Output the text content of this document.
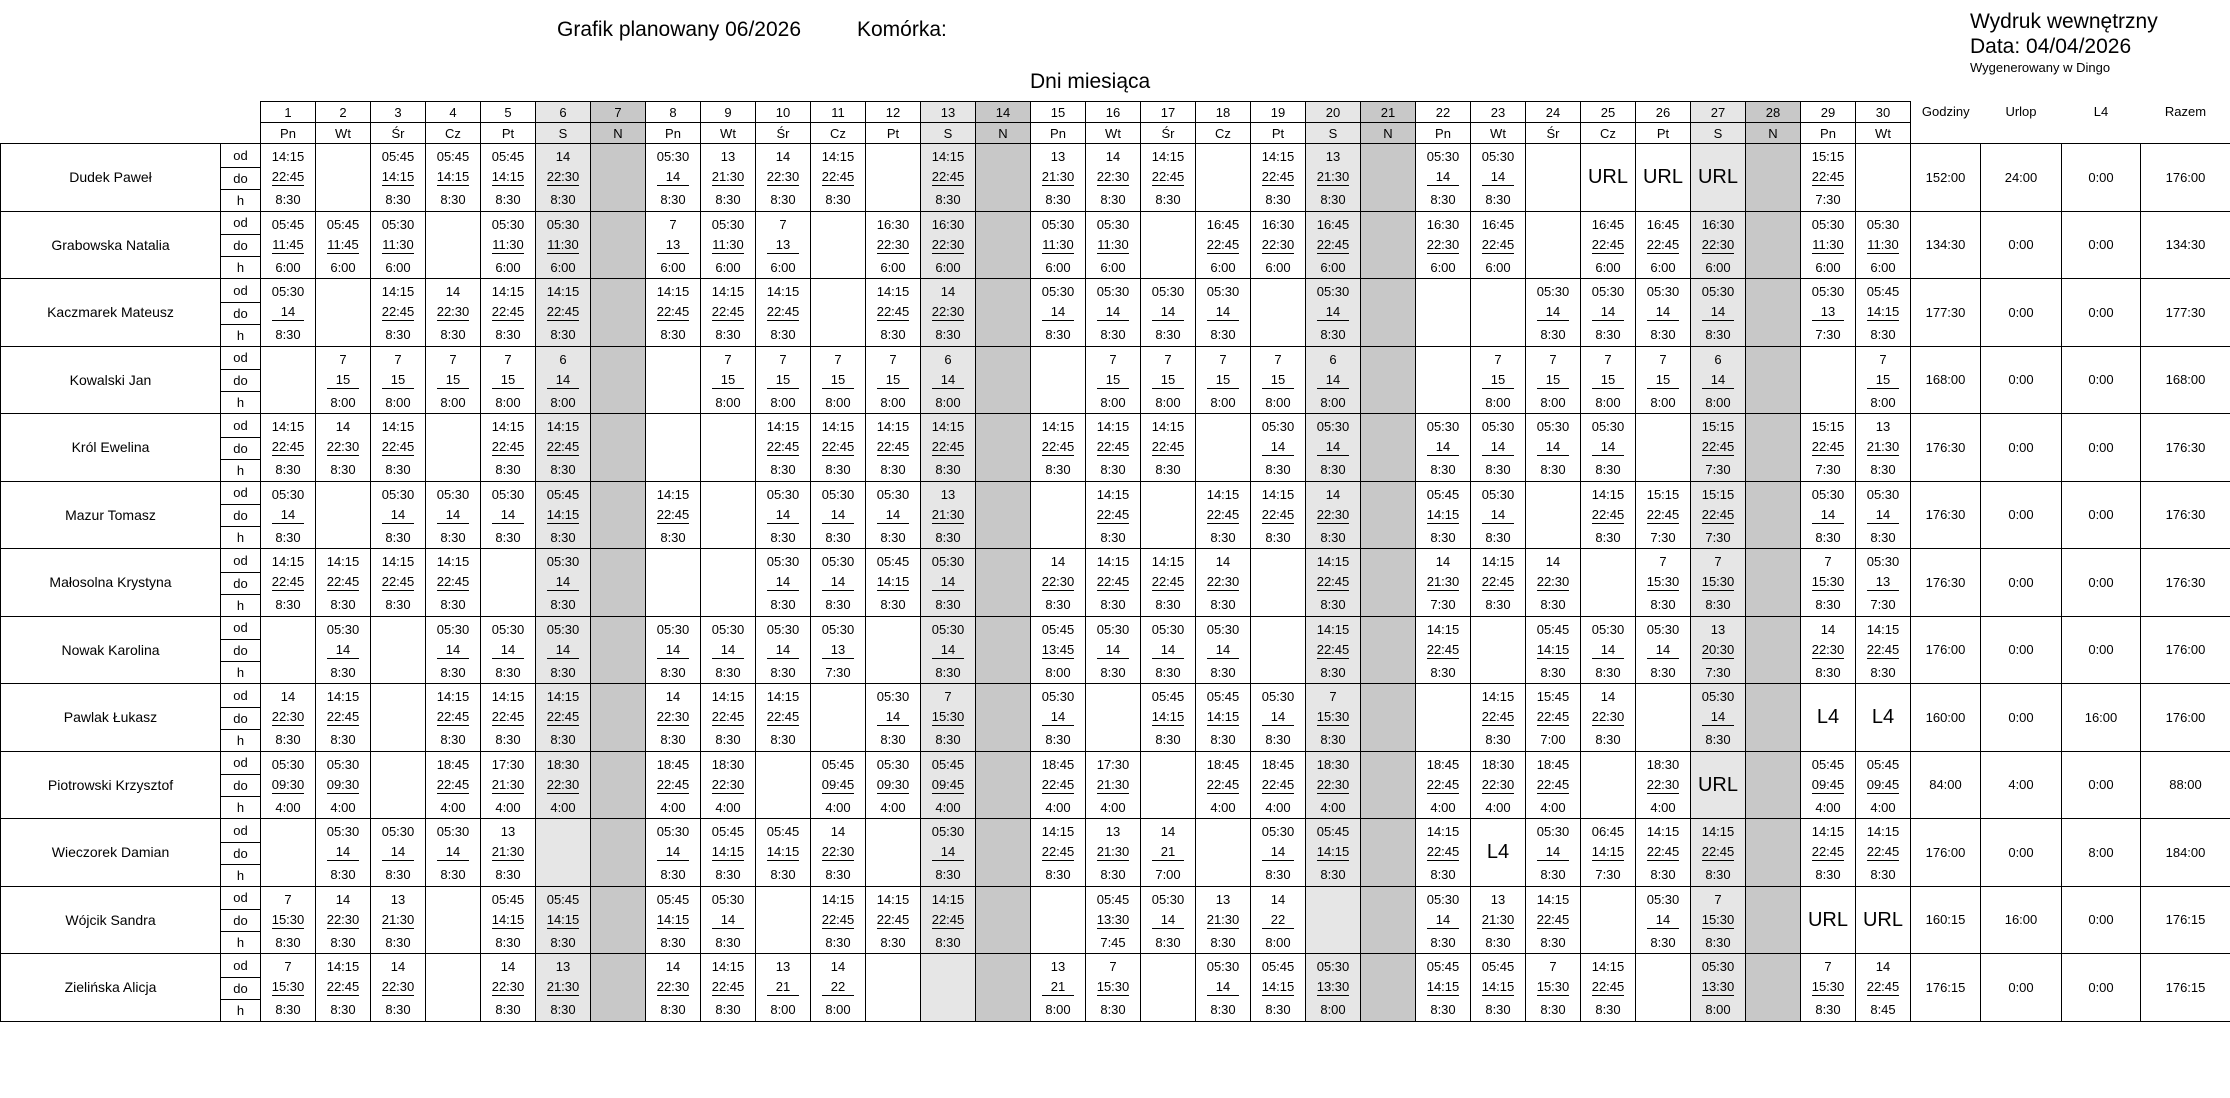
Grafik planowany 06/2026	Komórka:	Wydruk wewnętrzny
Data: 04/04/2026
Wygenerowany w Dingo
Dni miesiąca
		1	2	3	4	5	6	7	8	9	10	11	12	13	14	15	16	17	18	19	20	21	22	23	24	25	26	27	28	29	30	Godziny	Urlop	L4	Razem
		Pn	Wt	Śr	Cz	Pt	S	N	Pn	Wt	Śr	Cz	Pt	S	N	Pn	Wt	Śr	Cz	Pt	S	N	Pn	Wt	Śr	Cz	Pt	S	N	Pn	Wt				
Dudek Paweł	od	14:15		05:45	05:45	05:45	14		05:30	13	14	14:15		14:15		13	14	14:15		14:15	13		05:30	05:30		URL	URL	URL		15:15		152:00	24:00	0:00	176:00
	do	22:45		14:15	14:15	14:15	22:30		14	21:30	22:30	22:45		22:45		21:30	22:30	22:45		22:45	21:30		14	14						22:45					
	h	8:30		8:30	8:30	8:30	8:30		8:30	8:30	8:30	8:30		8:30		8:30	8:30	8:30		8:30	8:30		8:30	8:30						7:30					
Grabowska Natalia	od	05:45	05:45	05:30		05:30	05:30		7	05:30	7		16:30	16:30		05:30	05:30		16:45	16:30	16:45		16:30	16:45		16:45	16:45	16:30		05:30	05:30	134:30	0:00	0:00	134:30
	do	11:45	11:45	11:30		11:30	11:30		13	11:30	13		22:30	22:30		11:30	11:30		22:45	22:30	22:45		22:30	22:45		22:45	22:45	22:30		11:30	11:30				
	h	6:00	6:00	6:00		6:00	6:00		6:00	6:00	6:00		6:00	6:00		6:00	6:00		6:00	6:00	6:00		6:00	6:00		6:00	6:00	6:00		6:00	6:00				
Kaczmarek Mateusz	od	05:30		14:15	14	14:15	14:15		14:15	14:15	14:15		14:15	14		05:30	05:30	05:30	05:30		05:30				05:30	05:30	05:30	05:30		05:30	05:45	177:30	0:00	0:00	177:30
	do	14		22:45	22:30	22:45	22:45		22:45	22:45	22:45		22:45	22:30		14	14	14	14		14				14	14	14	14		13	14:15				
	h	8:30		8:30	8:30	8:30	8:30		8:30	8:30	8:30		8:30	8:30		8:30	8:30	8:30	8:30		8:30				8:30	8:30	8:30	8:30		7:30	8:30				
Kowalski Jan	od		7	7	7	7	6			7	7	7	7	6			7	7	7	7	6			7	7	7	7	6			7	168:00	0:00	0:00	168:00
	do		15	15	15	15	14			15	15	15	15	14			15	15	15	15	14			15	15	15	15	14			15				
	h		8:00	8:00	8:00	8:00	8:00			8:00	8:00	8:00	8:00	8:00			8:00	8:00	8:00	8:00	8:00			8:00	8:00	8:00	8:00	8:00			8:00				
Król Ewelina	od	14:15	14	14:15		14:15	14:15				14:15	14:15	14:15	14:15		14:15	14:15	14:15		05:30	05:30		05:30	05:30	05:30	05:30		15:15		15:15	13	176:30	0:00	0:00	176:30
	do	22:45	22:30	22:45		22:45	22:45				22:45	22:45	22:45	22:45		22:45	22:45	22:45		14	14		14	14	14	14		22:45		22:45	21:30				
	h	8:30	8:30	8:30		8:30	8:30				8:30	8:30	8:30	8:30		8:30	8:30	8:30		8:30	8:30		8:30	8:30	8:30	8:30		7:30		7:30	8:30				
Mazur Tomasz	od	05:30		05:30	05:30	05:30	05:45		14:15		05:30	05:30	05:30	13			14:15		14:15	14:15	14		05:45	05:30		14:15	15:15	15:15		05:30	05:30	176:30	0:00	0:00	176:30
	do	14		14	14	14	14:15		22:45		14	14	14	21:30			22:45		22:45	22:45	22:30		14:15	14		22:45	22:45	22:45		14	14				
	h	8:30		8:30	8:30	8:30	8:30		8:30		8:30	8:30	8:30	8:30			8:30		8:30	8:30	8:30		8:30	8:30		8:30	7:30	7:30		8:30	8:30				
Małosolna Krystyna	od	14:15	14:15	14:15	14:15		05:30				05:30	05:30	05:45	05:30		14	14:15	14:15	14		14:15		14	14:15	14		7	7		7	05:30	176:30	0:00	0:00	176:30
	do	22:45	22:45	22:45	22:45		14				14	14	14:15	14		22:30	22:45	22:45	22:30		22:45		21:30	22:45	22:30		15:30	15:30		15:30	13				
	h	8:30	8:30	8:30	8:30		8:30				8:30	8:30	8:30	8:30		8:30	8:30	8:30	8:30		8:30		7:30	8:30	8:30		8:30	8:30		8:30	7:30				
Nowak Karolina	od		05:30		05:30	05:30	05:30		05:30	05:30	05:30	05:30		05:30		05:45	05:30	05:30	05:30		14:15		14:15		05:45	05:30	05:30	13		14	14:15	176:00	0:00	0:00	176:00
	do		14		14	14	14		14	14	14	13		14		13:45	14	14	14		22:45		22:45		14:15	14	14	20:30		22:30	22:45				
	h		8:30		8:30	8:30	8:30		8:30	8:30	8:30	7:30		8:30		8:00	8:30	8:30	8:30		8:30		8:30		8:30	8:30	8:30	7:30		8:30	8:30				
Pawlak Łukasz	od	14	14:15		14:15	14:15	14:15		14	14:15	14:15		05:30	7		05:30		05:45	05:45	05:30	7			14:15	15:45	14		05:30		L4	L4	160:00	0:00	16:00	176:00
	do	22:30	22:45		22:45	22:45	22:45		22:30	22:45	22:45		14	15:30		14		14:15	14:15	14	15:30			22:45	22:45	22:30		14							
	h	8:30	8:30		8:30	8:30	8:30		8:30	8:30	8:30		8:30	8:30		8:30		8:30	8:30	8:30	8:30			8:30	7:00	8:30		8:30							
Piotrowski Krzysztof	od	05:30	05:30		18:45	17:30	18:30		18:45	18:30		05:45	05:30	05:45		18:45	17:30		18:45	18:45	18:30		18:45	18:30	18:45		18:30	URL		05:45	05:45	84:00	4:00	0:00	88:00
	do	09:30	09:30		22:45	21:30	22:30		22:45	22:30		09:45	09:30	09:45		22:45	21:30		22:45	22:45	22:30		22:45	22:30	22:45		22:30			09:45	09:45				
	h	4:00	4:00		4:00	4:00	4:00		4:00	4:00		4:00	4:00	4:00		4:00	4:00		4:00	4:00	4:00		4:00	4:00	4:00		4:00			4:00	4:00				
Wieczorek Damian	od		05:30	05:30	05:30	13			05:30	05:45	05:45	14		05:30		14:15	13	14		05:30	05:45		14:15	L4	05:30	06:45	14:15	14:15		14:15	14:15	176:00	0:00	8:00	184:00
	do		14	14	14	21:30			14	14:15	14:15	22:30		14		22:45	21:30	21		14	14:15		22:45		14	14:15	22:45	22:45		22:45	22:45				
	h		8:30	8:30	8:30	8:30			8:30	8:30	8:30	8:30		8:30		8:30	8:30	7:00		8:30	8:30		8:30		8:30	7:30	8:30	8:30		8:30	8:30				
Wójcik Sandra	od	7	14	13		05:45	05:45		05:45	05:30		14:15	14:15	14:15			05:45	05:30	13	14			05:30	13	14:15		05:30	7		URL	URL	160:15	16:00	0:00	176:15
	do	15:30	22:30	21:30		14:15	14:15		14:15	14		22:45	22:45	22:45			13:30	14	21:30	22			14	21:30	22:45		14	15:30							
	h	8:30	8:30	8:30		8:30	8:30		8:30	8:30		8:30	8:30	8:30			7:45	8:30	8:30	8:00			8:30	8:30	8:30		8:30	8:30							
Zielińska Alicja	od	7	14:15	14		14	13		14	14:15	13	14				13	7		05:30	05:45	05:30		05:45	05:45	7	14:15		05:30		7	14	176:15	0:00	0:00	176:15
	do	15:30	22:45	22:30		22:30	21:30		22:30	22:45	21	22				21	15:30		14	14:15	13:30		14:15	14:15	15:30	22:45		13:30		15:30	22:45				
	h	8:30	8:30	8:30		8:30	8:30		8:30	8:30	8:00	8:00				8:00	8:30		8:30	8:30	8:00		8:30	8:30	8:30	8:30		8:00		8:30	8:45				
